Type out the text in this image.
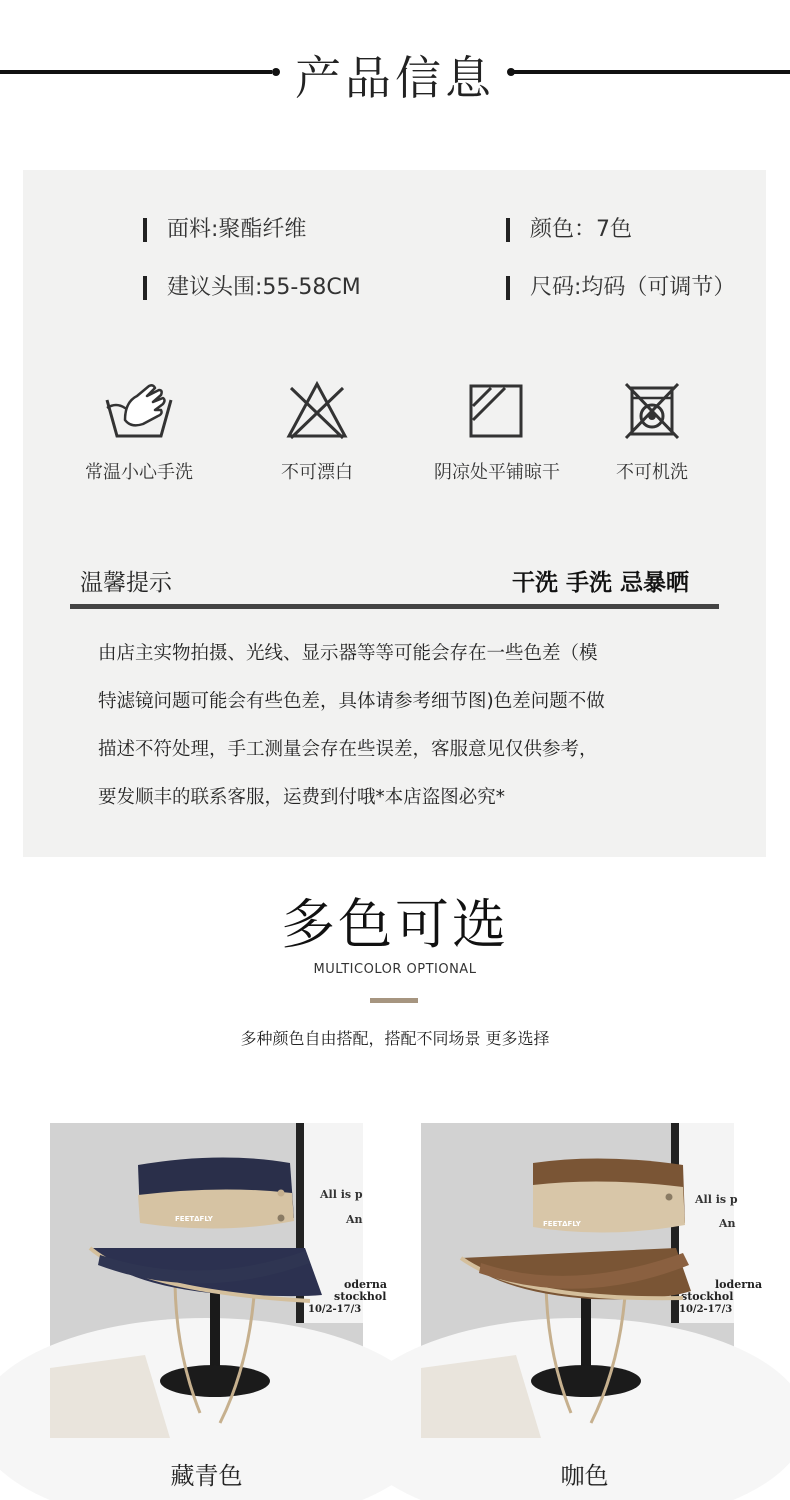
产品信息
面料:聚酯纤维	颜色：7色
建议头围:55-58CM	尺码:均码（可调节）
常温小心手洗	不可漂白	阴凉处平铺晾干	不可机洗
温馨提示	干洗 手洗 忌暴晒
由店主实物拍摄、光线、显示器等等可能会存在一些色差（模
特滤镜问题可能会有些色差，具体请参考细节图)色差问题不做
描述不符处理，手工测量会存在些误差，客服意见仅供参考，
要发顺丰的联系客服，运费到付哦*本店盗图必究*
多色可选
MULTICOLOR OPTIONAL
多种颜色自由搭配，搭配不同场景 更多选择
All is p
An
oderna
stockhol
10/2-17/3
FEETΔFLY
藏青色
All is p
An
loderna
stockhol
10/2-17/3
FEETΔFLY
咖色
